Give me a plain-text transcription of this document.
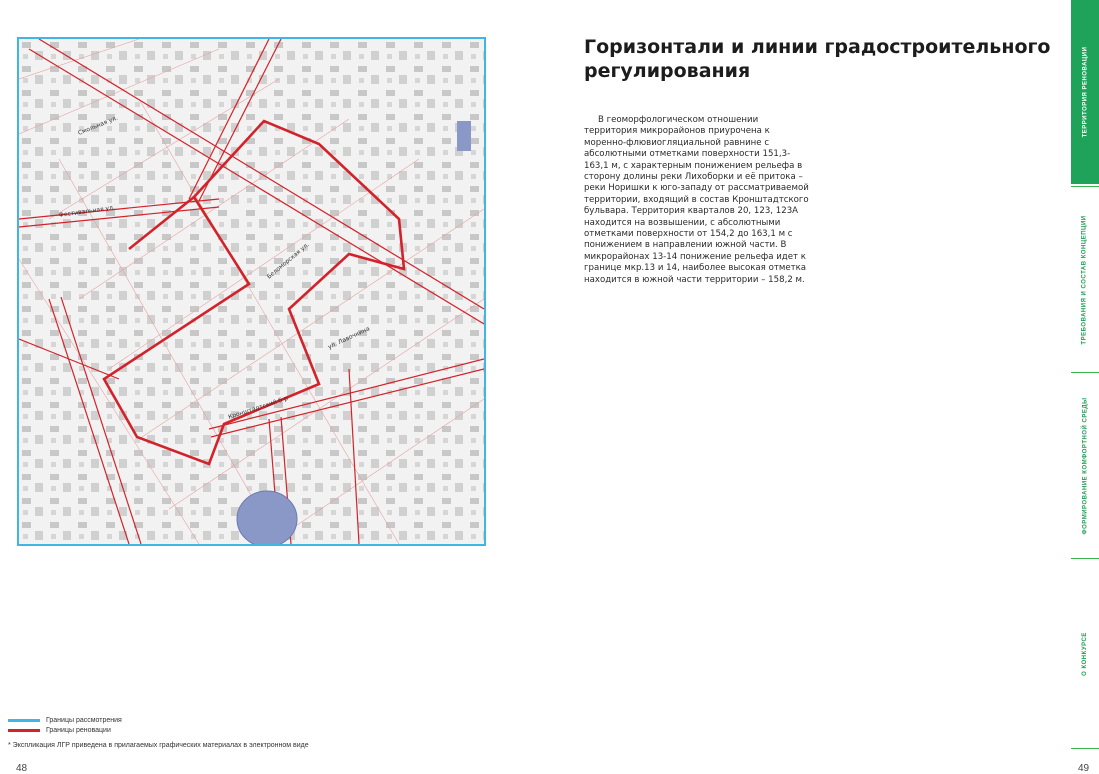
Смольная ул.
Фестивальная ул.
ул. Лавочкина
Кронштадтский б-р
Беломорская ул.
Горизонтали и линии градостроительного регулирования

В геоморфологическом отношении территория микрорайонов приурочена к моренно-флювиогляциальной равнине с абсолютными отметками поверхности 151,3-163,1 м, с характерным понижением рельефа в сторону долины реки Лихоборки и её притока – реки Норишки к юго-западу от рассматриваемой территории, входящий в состав Кронштадтского бульвара. Территория кварталов 20, 123, 123А находится на возвышении, с абсолютными отметками поверхности от 154,2 до 163,1 м с понижением в направлении южной части. В микрорайонах 13-14 понижение рельефа идет к границе мкр.13 и 14, наиболее высокая отметка находится в южной части территории – 158,2 м.

Границы рассмотрения
Границы реновации
* Экспликация ЛГР приведена в прилагаемых графических материалах в электронном виде
48	49
ТЕРРИТОРИЯ РЕНОВАЦИИ
ТРЕБОВАНИЯ И СОСТАВ КОНЦЕПЦИИ
ФОРМИРОВАНИЕ КОМФОРТНОЙ СРЕДЫ
О КОНКУРСЕ
